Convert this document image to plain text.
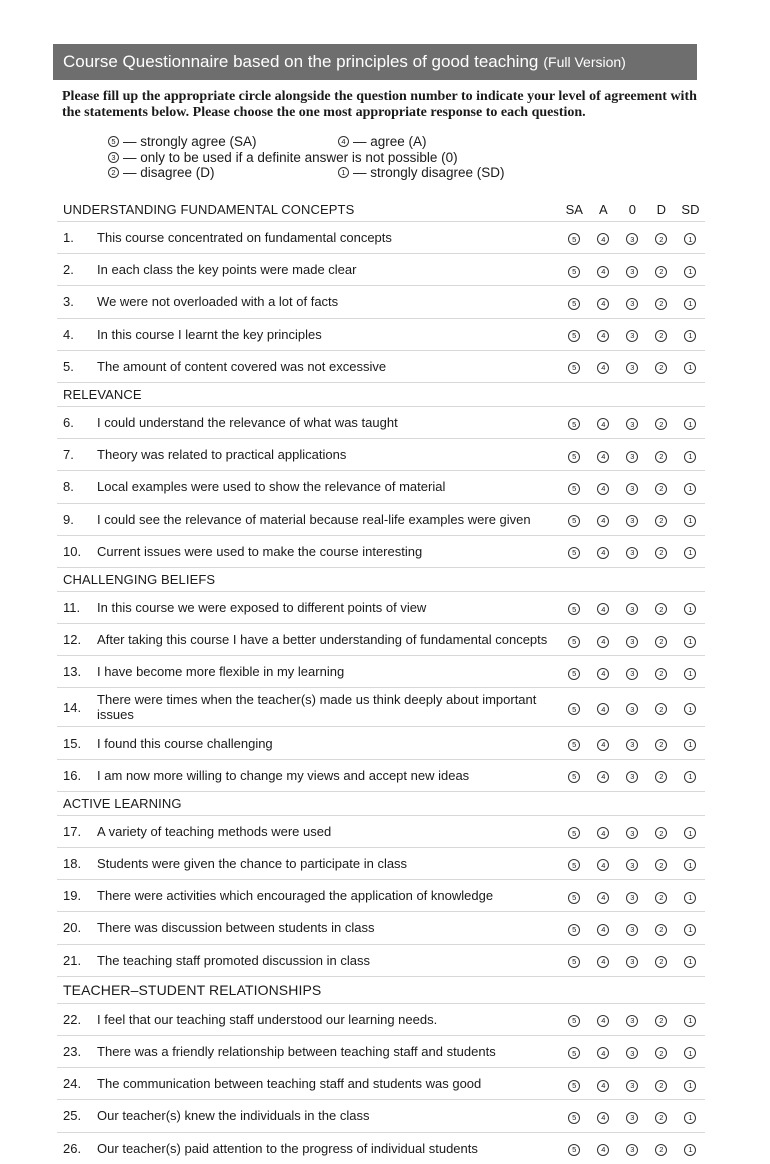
Course Questionnaire based on the principles of good teaching (Full Version)
Please fill up the appropriate circle alongside the question number to indicate your level of agreement with the statements below. Please choose the one most appropriate response to each question.
5 — strongly agree (SA)	4 — agree (A)
3 — only to be used if a definite answer is not possible (0)
2 — disagree (D)	1 — strongly disagree (SD)
UNDERSTANDING FUNDAMENTAL CONCEPTS		SA	A	0	D	SD
1.	This course concentrated on fundamental concepts	5	4	3	2	1
2.	In each class the key points were made clear	5	4	3	2	1
3.	We were not overloaded with a lot of facts	5	4	3	2	1
4.	In this course I learnt the key principles	5	4	3	2	1
5.	The amount of content covered was not excessive	5	4	3	2	1
RELEVANCE						
6.	I could understand the relevance of what was taught	5	4	3	2	1
7.	Theory was related to practical applications	5	4	3	2	1
8.	Local examples were used to show the relevance of material	5	4	3	2	1
9.	I could see the relevance of material because real-life examples were given	5	4	3	2	1
10.	Current issues were used to make the course interesting	5	4	3	2	1
CHALLENGING BELIEFS						
11.	In this course we were exposed to different points of view	5	4	3	2	1
12.	After taking this course I have a better understanding of fundamental concepts	5	4	3	2	1
13.	I have become more flexible in my learning	5	4	3	2	1
14.	There were times when the teacher(s) made us think deeply about important issues	5	4	3	2	1
15.	I found this course challenging	5	4	3	2	1
16.	I am now more willing to change my views and accept new ideas	5	4	3	2	1
ACTIVE LEARNING						
17.	A variety of teaching methods were used	5	4	3	2	1
18.	Students were given the chance to participate in class	5	4	3	2	1
19.	There were activities which encouraged the application of knowledge	5	4	3	2	1
20.	There was discussion between students in class	5	4	3	2	1
21.	The teaching staff promoted discussion in class	5	4	3	2	1
TEACHER–STUDENT RELATIONSHIPS						
22.	I feel that our teaching staff understood our learning needs.	5	4	3	2	1
23.	There was a friendly relationship between teaching staff and students	5	4	3	2	1
24.	The communication between teaching staff and students was good	5	4	3	2	1
25.	Our teacher(s) knew the individuals in the class	5	4	3	2	1
26.	Our teacher(s) paid attention to the progress of individual students	5	4	3	2	1
